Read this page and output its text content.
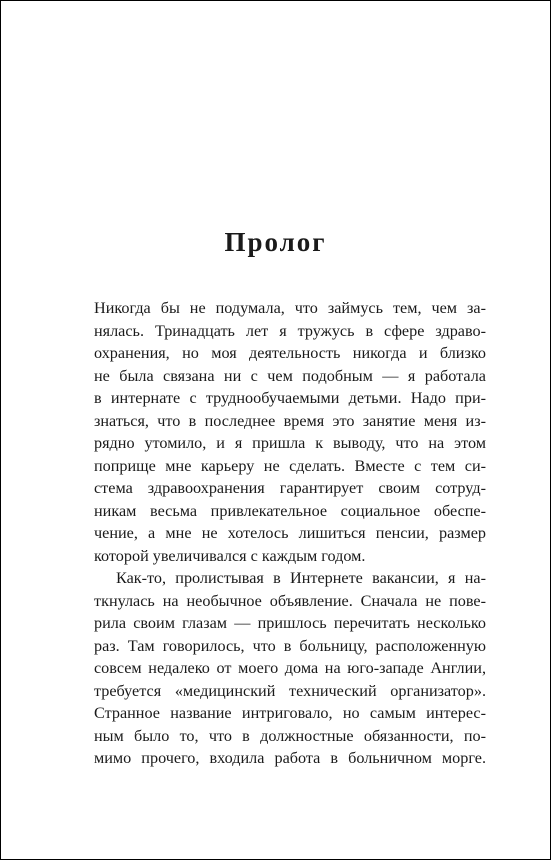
Пролог
Никогда бы не подумала, что займусь тем, чем за-
нялась. Тринадцать лет я тружусь в сфере здраво-
охранения, но моя деятельность никогда и близко
не была связана ни с чем подобным — я работала
в интернате с труднообучаемыми детьми. Надо при-
знаться, что в последнее время это занятие меня из-
рядно утомило, и я пришла к выводу, что на этом
поприще мне карьеру не сделать. Вместе с тем си-
стема здравоохранения гарантирует своим сотруд-
никам весьма привлекательное социальное обеспе-
чение, а мне не хотелось лишиться пенсии, размер
которой увеличивался с каждым годом.
Как-то, пролистывая в Интернете вакансии, я на-
ткнулась на необычное объявление. Сначала не пове-
рила своим глазам — пришлось перечитать несколько
раз. Там говорилось, что в больницу, расположенную
совсем недалеко от моего дома на юго-западе Англии,
требуется «медицинский технический организатор».
Странное название интриговало, но самым интерес-
ным было то, что в должностные обязанности, по-
мимо прочего, входила работа в больничном морге.
